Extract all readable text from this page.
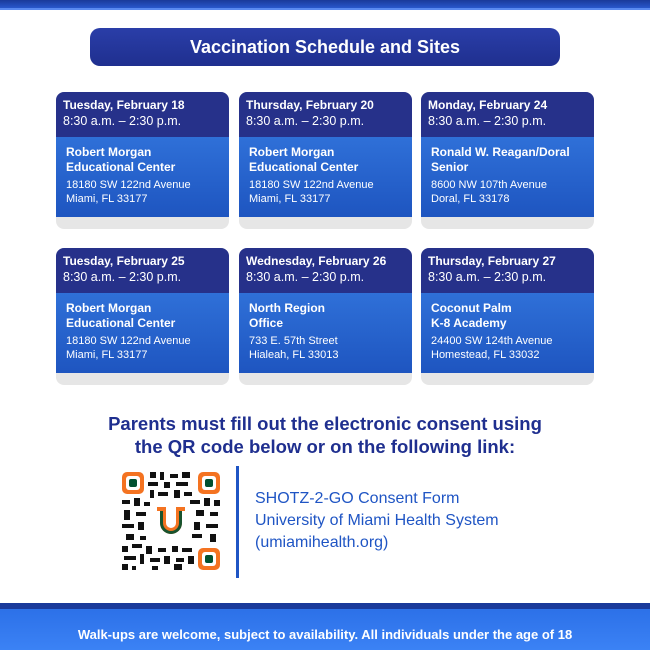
Vaccination Schedule and Sites
Tuesday, February 18
8:30 a.m. – 2:30 p.m.
Robert Morgan
Educational Center
18180 SW 122nd Avenue
Miami, FL 33177
Thursday, February 20
8:30 a.m. – 2:30 p.m.
Robert Morgan
Educational Center
18180 SW 122nd Avenue
Miami, FL 33177
Monday, February 24
8:30 a.m. – 2:30 p.m.
Ronald W. Reagan/Doral
Senior
8600 NW 107th Avenue
Doral, FL 33178
Tuesday, February 25
8:30 a.m. – 2:30 p.m.
Robert Morgan
Educational Center
18180 SW 122nd Avenue
Miami, FL 33177
Wednesday, February 26
8:30 a.m. – 2:30 p.m.
North Region
Office
733 E. 57th Street
Hialeah, FL 33013
Thursday, February 27
8:30 a.m. – 2:30 p.m.
Coconut Palm
K-8 Academy
24400 SW 124th Avenue
Homestead, FL 33032
Parents must fill out the electronic consent using
the QR code below or on the following link:
SHOTZ-2-GO Consent Form
University of Miami Health System
(umiamihealth.org)
Walk-ups are welcome, subject to availability. All individuals under the age of 18
